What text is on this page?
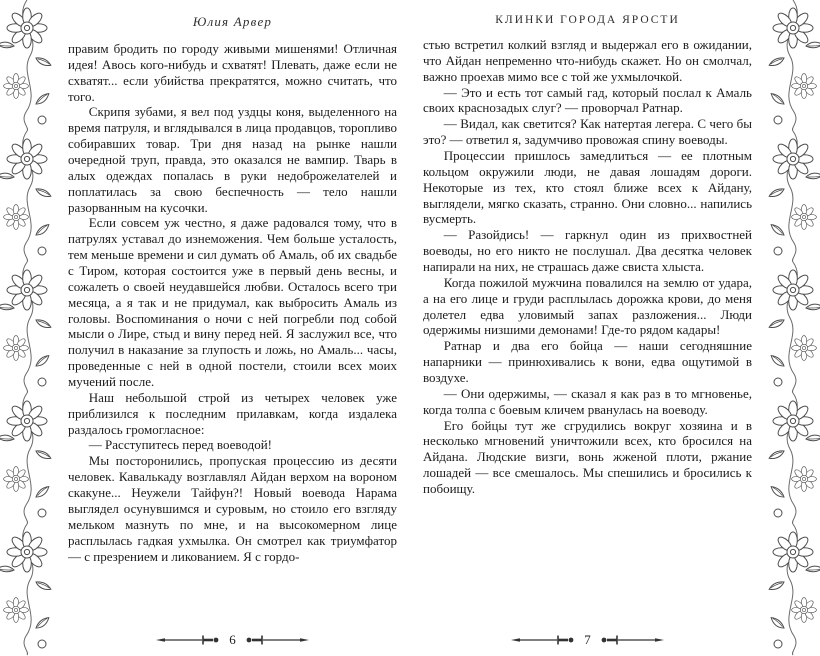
Юлия Арвер

правим бродить по городу живыми мишенями! Отличная идея! Авось кого-нибудь и схватят! Плевать, даже если не схватят... если убийства прекратятся, можно считать, что того.

Скрипя зубами, я вел под уздцы коня, выделенного на время патруля, и вглядывался в лица продавцов, торопливо собиравших товар. Три дня назад на рынке нашли очередной труп, правда, это оказался не вампир. Тварь в алых одеждах попалась в руки недоброжелателей и поплатилась за свою беспечность — тело нашли разорванным на кусочки.

Если совсем уж честно, я даже радовался тому, что в патрулях уставал до изнеможения. Чем больше усталость, тем меньше времени и сил думать об Амаль, об их свадьбе с Тиром, которая состоится уже в первый день весны, и сожалеть о своей неудавшейся любви. Осталось всего три месяца, а я так и не придумал, как выбросить Амаль из головы. Воспоминания о ночи с ней погребли под собой мысли о Лире, стыд и вину перед ней. Я заслужил все, что получил в наказание за глупость и ложь, но Амаль... часы, проведенные с ней в одной постели, стоили всех моих мучений после.

Наш небольшой строй из четырех человек уже приблизился к последним прилавкам, когда издалека раздалось громогласное:

— Расступитесь перед воеводой!

Мы посторонились, пропуская процессию из десяти человек. Кавалькаду возглавлял Айдан верхом на вороном скакуне... Неужели Тайфун?! Новый воевода Нарама выглядел осунувшимся и суровым, но стоило его взгляду мельком мазнуть по мне, и на высокомерном лице расплылась гадкая ухмылка. Он смотрел как триумфатор — с презрением и ликованием. Я с гордо-

6
КЛИНКИ ГОРОДА ЯРОСТИ

стью встретил колкий взгляд и выдержал его в ожидании, что Айдан непременно что-нибудь скажет. Но он смолчал, важно проехав мимо все с той же ухмылочкой.

— Это и есть тот самый гад, который послал к Амаль своих краснозадых слуг? — проворчал Ратнар.

— Видал, как светится? Как натертая легера. С чего бы это? — ответил я, задумчиво провожая спину воеводы.

Процессии пришлось замедлиться — ее плотным кольцом окружили люди, не давая лошадям дороги. Некоторые из тех, кто стоял ближе всех к Айдану, выглядели, мягко сказать, странно. Они словно... напились вусмерть.

— Разойдись! — гаркнул один из прихвостней воеводы, но его никто не послушал. Два десятка человек напирали на них, не страшась даже свиста хлыста.

Когда пожилой мужчина повалился на землю от удара, а на его лице и груди расплылась дорожка крови, до меня долетел едва уловимый запах разложения... Люди одержимы низшими демонами! Где-то рядом кадары!

Ратнар и два его бойца — наши сегодняшние напарники — принюхивались к вони, едва ощутимой в воздухе.

— Они одержимы, — сказал я как раз в то мгновенье, когда толпа с боевым кличем рванулась на воеводу.

Его бойцы тут же сгрудились вокруг хозяина и в несколько мгновений уничтожили всех, кто бросился на Айдана. Людские визги, вонь жженой плоти, ржание лошадей — все смешалось. Мы спешились и бросились к побоищу.

7
